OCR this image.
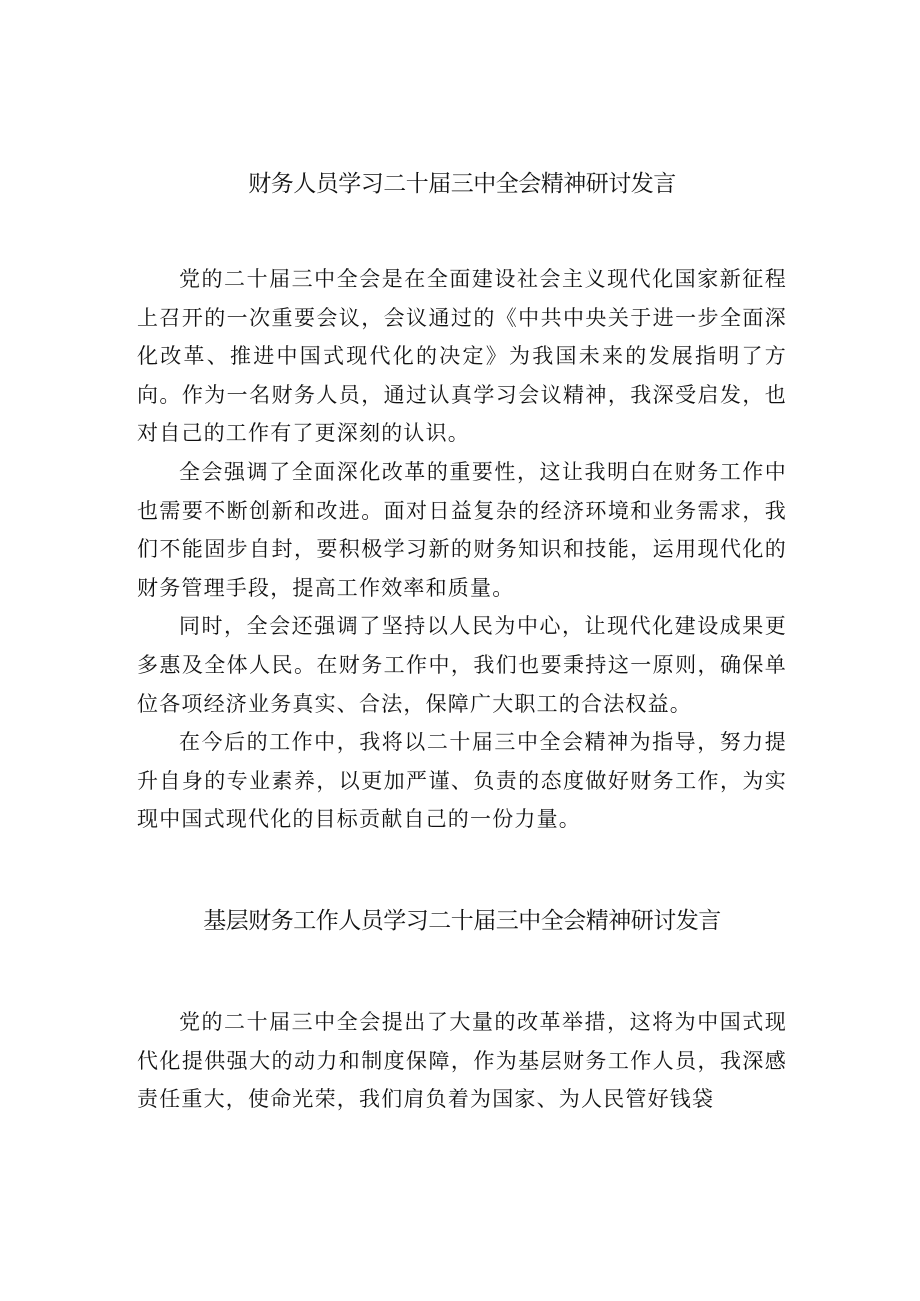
财务人员学习二十届三中全会精神研讨发言

党的二十届三中全会是在全面建设社会主义现代化国家新征程上召开的一次重要会议，会议通过的《中共中央关于进一步全面深化改革、推进中国式现代化的决定》为我国未来的发展指明了方向。作为一名财务人员，通过认真学习会议精神，我深受启发，也对自己的工作有了更深刻的认识。

全会强调了全面深化改革的重要性，这让我明白在财务工作中也需要不断创新和改进。面对日益复杂的经济环境和业务需求，我们不能固步自封，要积极学习新的财务知识和技能，运用现代化的财务管理手段，提高工作效率和质量。

同时，全会还强调了坚持以人民为中心，让现代化建设成果更多惠及全体人民。在财务工作中，我们也要秉持这一原则，确保单位各项经济业务真实、合法，保障广大职工的合法权益。

在今后的工作中，我将以二十届三中全会精神为指导，努力提升自身的专业素养，以更加严谨、负责的态度做好财务工作，为实现中国式现代化的目标贡献自己的一份力量。

基层财务工作人员学习二十届三中全会精神研讨发言

党的二十届三中全会提出了大量的改革举措，这将为中国式现代化提供强大的动力和制度保障，作为基层财务工作人员，我深感责任重大，使命光荣，我们肩负着为国家、为人民管好钱袋
